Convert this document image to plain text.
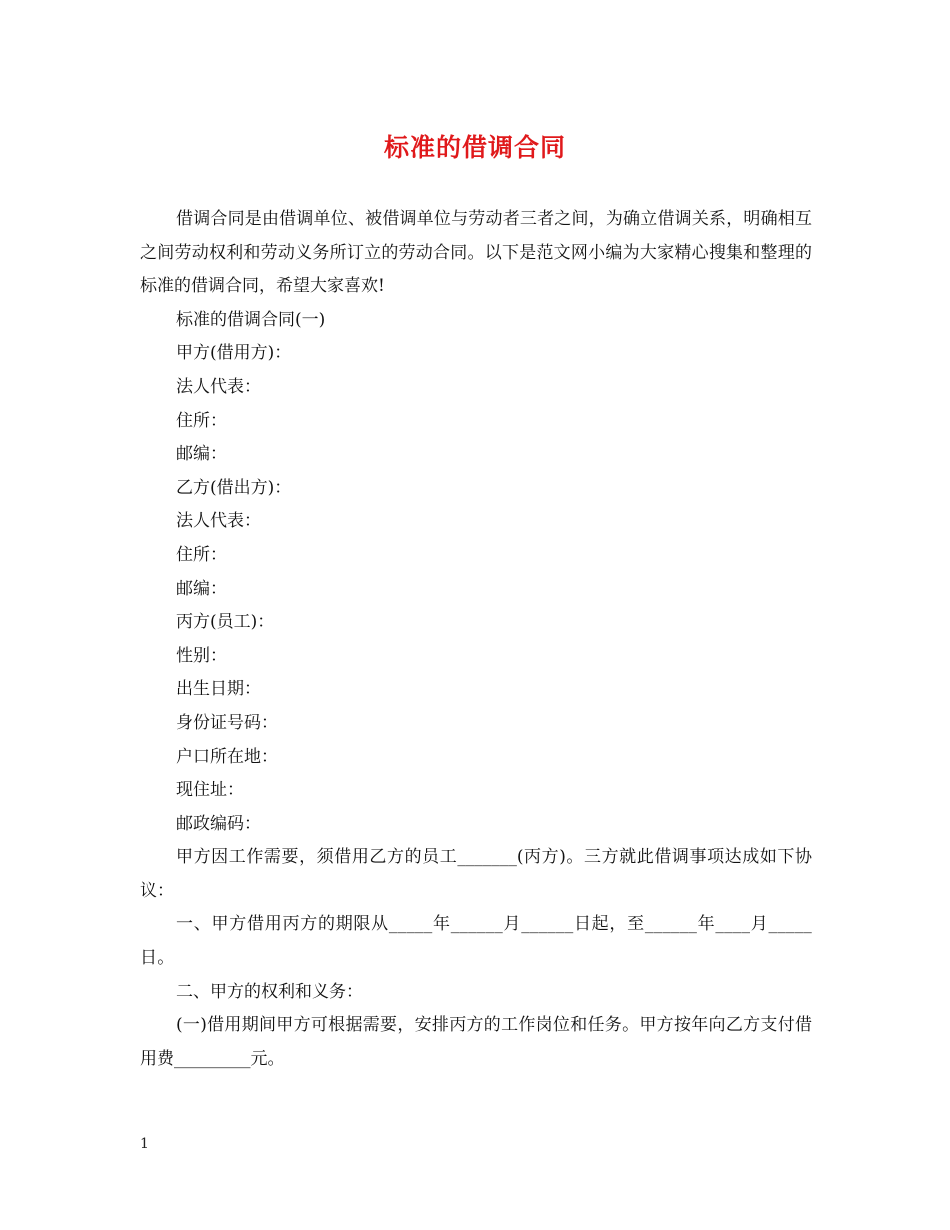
标准的借调合同

借调合同是由借调单位、被借调单位与劳动者三者之间，为确立借调关系，明确相互之间劳动权利和劳动义务所订立的劳动合同。以下是范文网小编为大家精心搜集和整理的标准的借调合同，希望大家喜欢!

标准的借调合同(一)

甲方(借用方)：

法人代表：

住所：

邮编：

乙方(借出方)：

法人代表：

住所：

邮编：

丙方(员工)：

性别：

出生日期：

身份证号码：

户口所在地：

现住址：

邮政编码：

甲方因工作需要，须借用乙方的员工_______(丙方)。三方就此借调事项达成如下协议：

一、甲方借用丙方的期限从_____年______月______日起，至______年____月_____日。

二、甲方的权利和义务：

(一)借用期间甲方可根据需要，安排丙方的工作岗位和任务。甲方按年向乙方支付借用费_________元。

1
